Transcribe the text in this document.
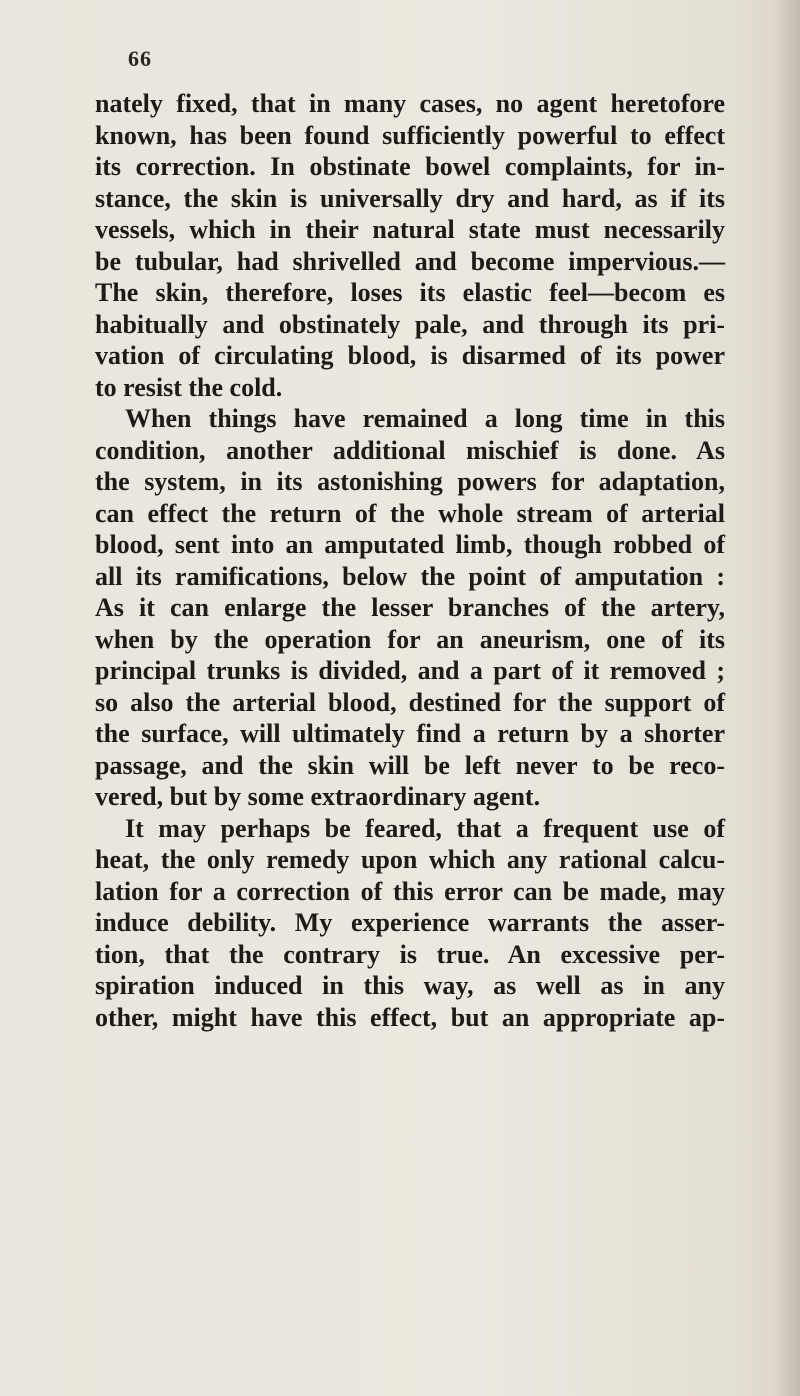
66
nately fixed, that in many cases, no agent heretofore
known, has been found sufficiently powerful to effect
its correction. In obstinate bowel complaints, for in-
stance, the skin is universally dry and hard, as if its
vessels, which in their natural state must necessarily
be tubular, had shrivelled and become impervious.—
The skin, therefore, loses its elastic feel—becom es
habitually and obstinately pale, and through its pri-
vation of circulating blood, is disarmed of its power
to resist the cold.
When things have remained a long time in this
condition, another additional mischief is done. As
the system, in its astonishing powers for adaptation,
can effect the return of the whole stream of arterial
blood, sent into an amputated limb, though robbed of
all its ramifications, below the point of amputation :
As it can enlarge the lesser branches of the artery,
when by the operation for an aneurism, one of its
principal trunks is divided, and a part of it removed ;
so also the arterial blood, destined for the support of
the surface, will ultimately find a return by a shorter
passage, and the skin will be left never to be reco-
vered, but by some extraordinary agent.
It may perhaps be feared, that a frequent use of
heat, the only remedy upon which any rational calcu-
lation for a correction of this error can be made, may
induce debility. My experience warrants the asser-
tion, that the contrary is true. An excessive per-
spiration induced in this way, as well as in any
other, might have this effect, but an appropriate ap-
